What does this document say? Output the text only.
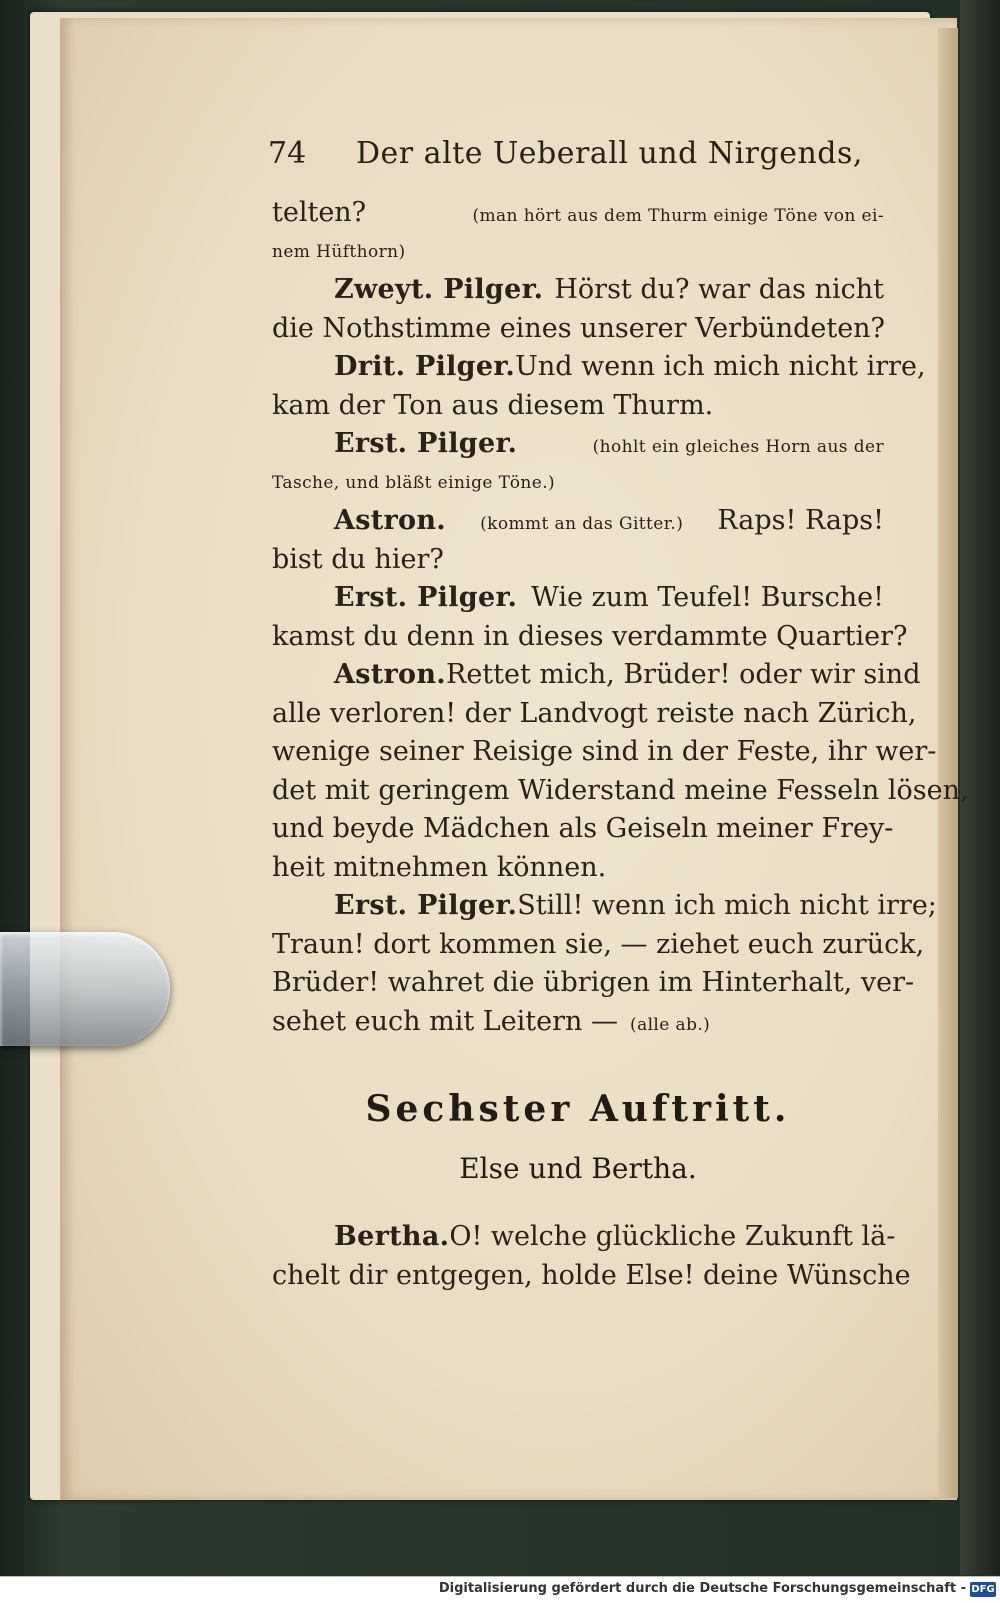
74 Der alte Ueberall und Nirgends,
telten?	(man hört aus dem Thurm einige Töne von ei-
nem Hüfthorn)
Zweyt. Pilger. Hörst du? war das nicht
die Nothstimme eines unserer Verbündeten?
Drit. Pilger. Und wenn ich mich nicht irre,
kam der Ton aus diesem Thurm.
Erst. Pilger.	(hohlt ein gleiches Horn aus der
Tasche, und bläßt einige Töne.)
Astron. (kommt an das Gitter.) Raps! Raps!
bist du hier?
Erst. Pilger. Wie zum Teufel! Bursche!
kamst du denn in dieses verdammte Quartier?
Astron. Rettet mich, Brüder! oder wir sind
alle verloren! der Landvogt reiste nach Zürich,
wenige seiner Reisige sind in der Feste, ihr wer-
det mit geringem Widerstand meine Fesseln lösen,
und beyde Mädchen als Geiseln meiner Frey-
heit mitnehmen können.
Erst. Pilger. Still! wenn ich mich nicht irre;
Traun! dort kommen sie, — ziehet euch zurück,
Brüder! wahret die übrigen im Hinterhalt, ver-
sehet euch mit Leitern — (alle ab.)
Sechster Auftritt.
Else und Bertha.
Bertha. O! welche glückliche Zukunft lä-
chelt dir entgegen, holde Else! deine Wünsche
Digitalisierung gefördert durch die Deutsche Forschungsgemeinschaft - DFG
